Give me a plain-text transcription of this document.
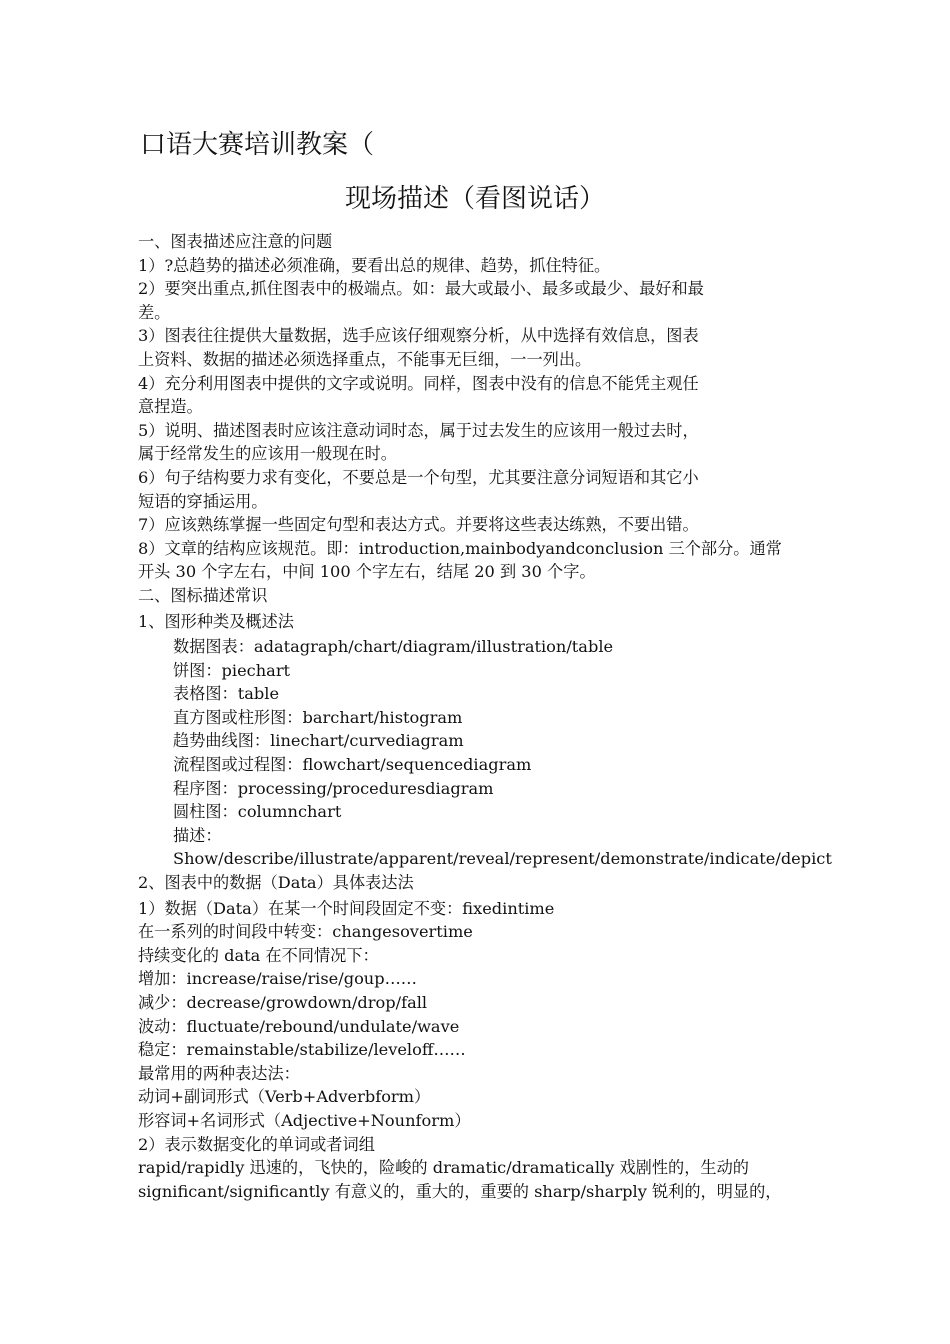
口语大赛培训教案（
现场描述（看图说话）

一、图表描述应注意的问题

1）?总趋势的描述必须准确，要看出总的规律、趋势，抓住特征。

2）要突出重点,抓住图表中的极端点。如：最大或最小、最多或最少、最好和最

差。

3）图表往往提供大量数据，选手应该仔细观察分析，从中选择有效信息，图表

上资料、数据的描述必须选择重点，不能事无巨细，一一列出。

4）充分利用图表中提供的文字或说明。同样，图表中没有的信息不能凭主观任

意捏造。

5）说明、描述图表时应该注意动词时态，属于过去发生的应该用一般过去时，

属于经常发生的应该用一般现在时。

6）句子结构要力求有变化，不要总是一个句型，尤其要注意分词短语和其它小

短语的穿插运用。

7）应该熟练掌握一些固定句型和表达方式。并要将这些表达练熟，不要出错。

8）文章的结构应该规范。即：introduction,mainbodyandconclusion 三个部分。通常

开头 30 个字左右，中间 100 个字左右，结尾 20 到 30 个字。

二、图标描述常识

1、图形种类及概述法

数据图表：adatagraph/chart/diagram/illustration/table

饼图：piechart

表格图：table

直方图或柱形图：barchart/histogram

趋势曲线图：linechart/curvediagram

流程图或过程图：flowchart/sequencediagram

程序图：processing/proceduresdiagram

圆柱图：columnchart

描述：

Show/describe/illustrate/apparent/reveal/represent/demonstrate/indicate/depict

2、图表中的数据（Data）具体表达法

1）数据（Data）在某一个时间段固定不变：fixedintime

在一系列的时间段中转变：changesovertime

持续变化的 data 在不同情况下：

增加：increase/raise/rise/goup……

减少：decrease/growdown/drop/fall

波动：fluctuate/rebound/undulate/wave

稳定：remainstable/stabilize/leveloff……

最常用的两种表达法：

动词+副词形式（Verb+Adverbform）

形容词+名词形式（Adjective+Nounform）

2）表示数据变化的单词或者词组

rapid/rapidly 迅速的，飞快的，险峻的 dramatic/dramatically 戏剧性的，生动的

significant/significantly 有意义的，重大的，重要的 sharp/sharply 锐利的，明显的，
